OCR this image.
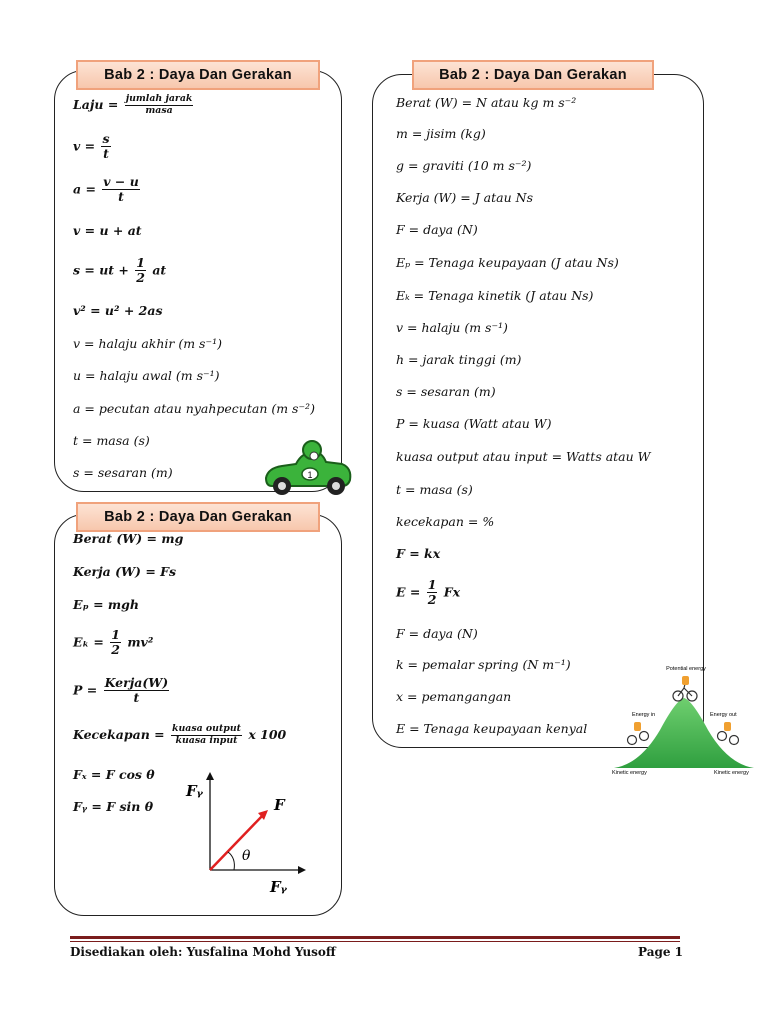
Bab 2 : Daya Dan Gerakan
Laju = $\frac{\text{jumlah jarak}}{\text{masa}}$
$v = \frac{s}{t}$
$a = \frac{v - u}{t}$
v = u + at
s = ut + $\frac{1}{2}$ at
v² = u² + 2as
v = halaju akhir (m s⁻¹)
u = halaju awal (m s⁻¹)
a = pecutan atau nyahpecutan (m s⁻²)
t = masa (s)
s = sesaran (m)	1
Bab 2 : Daya Dan Gerakan
Berat (W) = mg
Kerja (W) = Fs
Eₚ = mgh
$E_k = \frac{1}{2} mv^2$
$P = \frac{\text{Kerja(W)}}{t}$
Kecekapan = $\frac{\text{kuasa output}}{\text{kuasa input}}$ x 100
Fₓ = F cos θ
Fᵧ = F sin θ
Fᵧ
F
θ
Fᵧ
Bab 2 : Daya Dan Gerakan
Berat (W) = N atau kg m s⁻²
m = jisim (kg)
g = graviti (10 m s⁻²)
Kerja (W) = J atau Ns
F = daya (N)
Eₚ = Tenaga keupayaan (J atau Ns)
Eₖ = Tenaga kinetik (J atau Ns)
v = halaju (m s⁻¹)
h = jarak tinggi (m)
s = sesaran (m)
P = kuasa (Watt atau W)
kuasa output atau input = Watts atau W
t = masa (s)
kecekapan = %
F = kx
$E = \frac{1}{2}$ Fx
F = daya (N)
k = pemalar spring (N m⁻¹)
x = pemangangan
E = Tenaga keupayaan kenyal
Potential energy
Energy in	Energy out
Kinetic energy	Kinetic energy
Disediakan oleh: Yusfalina Mohd Yusoff	Page 1
